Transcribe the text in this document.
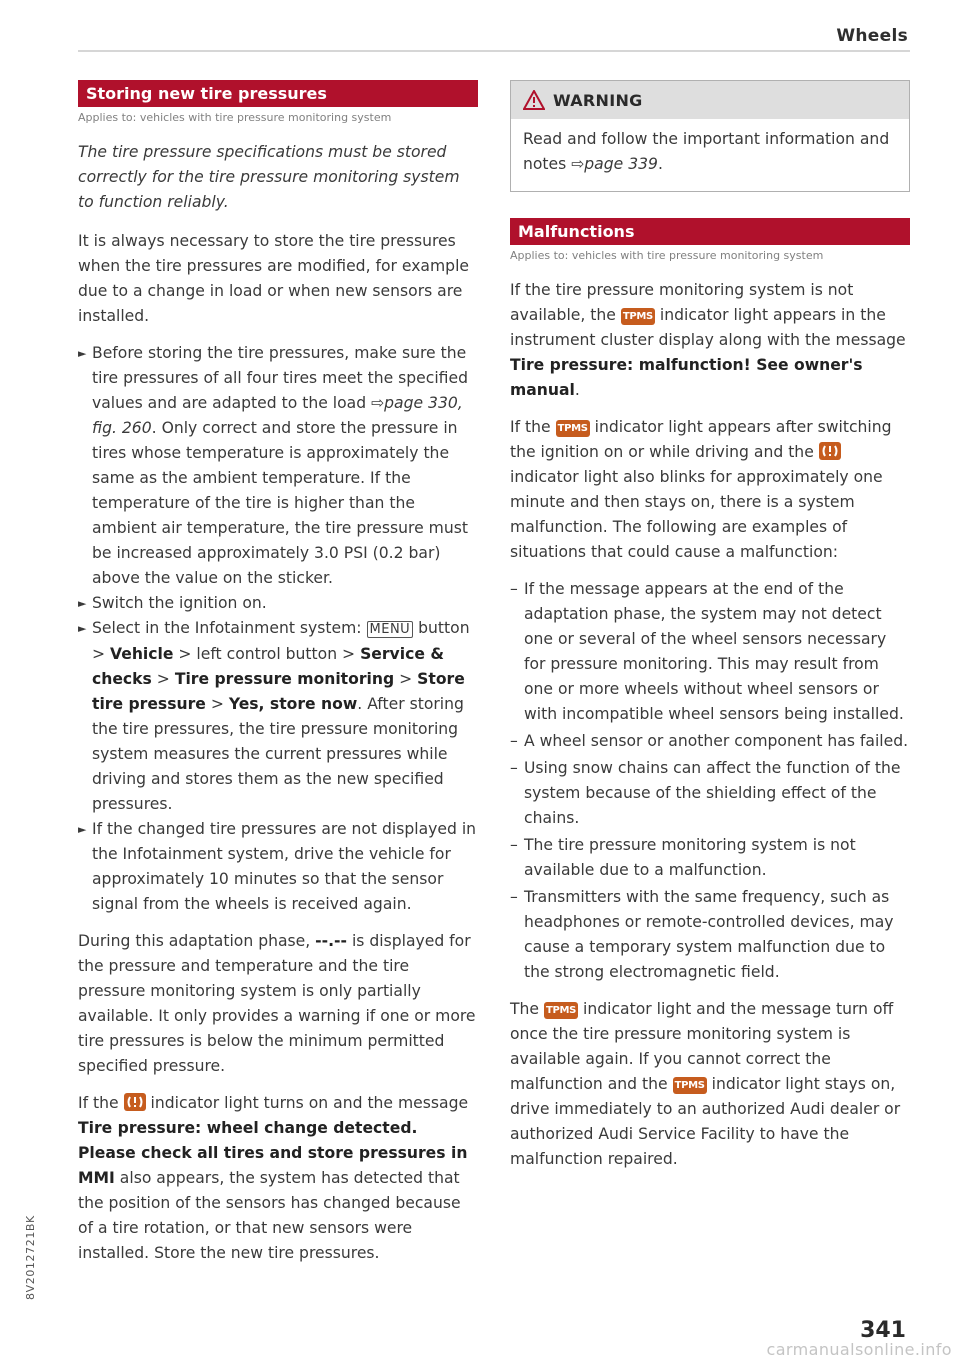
Wheels
Storing new tire pressures
Applies to: vehicles with tire pressure monitoring system

The tire pressure specifications must be stored correctly for the tire pressure monitoring system to function reliably.

It is always necessary to store the tire pressures when the tire pressures are modified, for example due to a change in load or when new sensors are installed.

► Before storing the tire pressures, make sure the tire pressures of all four tires meet the specified values and are adapted to the load ⇨page 330, fig. 260. Only correct and store the pressure in tires whose temperature is approximately the same as the ambient temperature. If the temperature of the tire is higher than the ambient air temperature, the tire pressure must be increased approximately 3.0 PSI (0.2 bar) above the value on the sticker.

► Switch the ignition on.

► Select in the Infotainment system: MENU button > Vehicle > left control button > Service & checks > Tire pressure monitoring > Store tire pressure > Yes, store now. After storing the tire pressures, the tire pressure monitoring system measures the current pressures while driving and stores them as the new specified pressures.

► If the changed tire pressures are not displayed in the Infotainment system, drive the vehicle for approximately 10 minutes so that the sensor signal from the wheels is received again.

During this adaptation phase, --.-- is displayed for the pressure and temperature and the tire pressure monitoring system is only partially available. It only provides a warning if one or more tire pressures is below the minimum permitted specified pressure.

If the  indicator light turns on and the message Tire pressure: wheel change detected. Please check all tires and store pressures in MMI also appears, the system has detected that the position of the sensors has changed because of a tire rotation, or that new sensors were installed. Store the new tire pressures.

WARNING

Read and follow the important information and notes ⇨page 339.

Malfunctions
Applies to: vehicles with tire pressure monitoring system

If the tire pressure monitoring system is not available, the TPMS indicator light appears in the instrument cluster display along with the message Tire pressure: malfunction! See owner's manual.

If the TPMS indicator light appears after switching the ignition on or while driving and the  indicator light also blinks for approximately one minute and then stays on, there is a system malfunction. The following are examples of situations that could cause a malfunction:

– If the message appears at the end of the adaptation phase, the system may not detect one or several of the wheel sensors necessary for pressure monitoring. This may result from one or more wheels without wheel sensors or with incompatible wheel sensors being installed.

– A wheel sensor or another component has failed.

– Using snow chains can affect the function of the system because of the shielding effect of the chains.

– The tire pressure monitoring system is not available due to a malfunction.

– Transmitters with the same frequency, such as headphones or remote-controlled devices, may cause a temporary system malfunction due to the strong electromagnetic field.

The TPMS indicator light and the message turn off once the tire pressure monitoring system is available again. If you cannot correct the malfunction and the TPMS indicator light stays on, drive immediately to an authorized Audi dealer or authorized Audi Service Facility to have the malfunction repaired.

8V2012721BK
341
carmanualsonline.info
